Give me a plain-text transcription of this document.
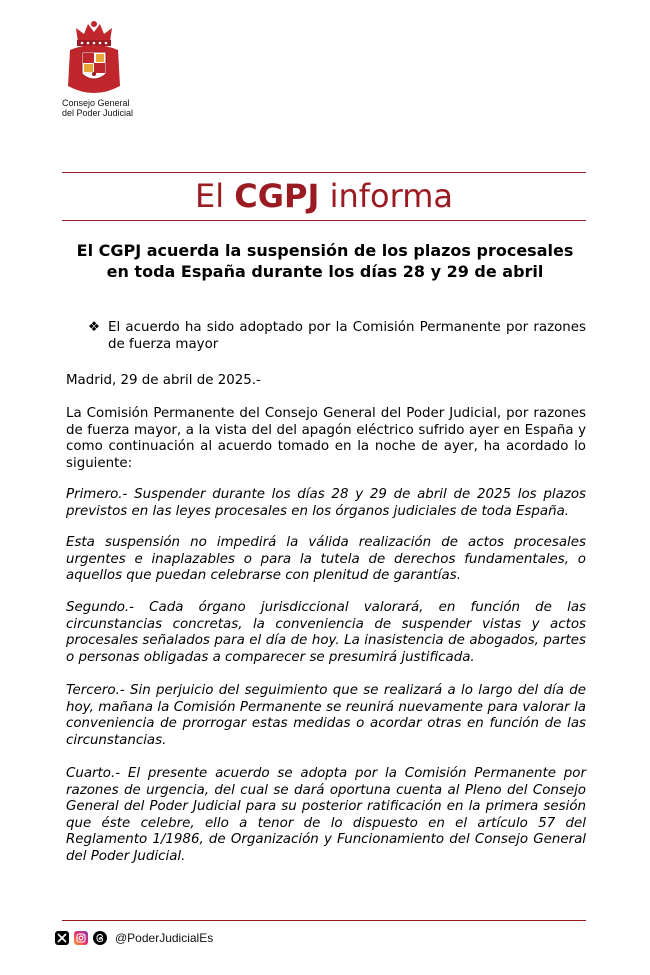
Consejo General
del Poder Judicial
El CGPJ informa
El CGPJ acuerda la suspensión de los plazos procesales en toda España durante los días 28 y 29 de abril
❖ El acuerdo ha sido adoptado por la Comisión Permanente por razones de fuerza mayor
Madrid, 29 de abril de 2025.-
La Comisión Permanente del Consejo General del Poder Judicial, por razones de fuerza mayor, a la vista del del apagón eléctrico sufrido ayer en España y como continuación al acuerdo tomado en la noche de ayer, ha acordado lo siguiente:
Primero.- Suspender durante los días 28 y 29 de abril de 2025 los plazos previstos en las leyes procesales en los órganos judiciales de toda España.
Esta suspensión no impedirá la válida realización de actos procesales urgentes e inaplazables o para la tutela de derechos fundamentales, o aquellos que puedan celebrarse con plenitud de garantías.
Segundo.- Cada órgano jurisdiccional valorará, en función de las circunstancias concretas, la conveniencia de suspender vistas y actos procesales señalados para el día de hoy. La inasistencia de abogados, partes o personas obligadas a comparecer se presumirá justificada.
Tercero.- Sin perjuicio del seguimiento que se realizará a lo largo del día de hoy, mañana la Comisión Permanente se reunirá nuevamente para valorar la conveniencia de prorrogar estas medidas o acordar otras en función de las circunstancias.
Cuarto.- El presente acuerdo se adopta por la Comisión Permanente por razones de urgencia, del cual se dará oportuna cuenta al Pleno del Consejo General del Poder Judicial para su posterior ratificación en la primera sesión que éste celebre, ello a tenor de lo dispuesto en el artículo 57 del Reglamento 1/1986, de Organización y Funcionamiento del Consejo General del Poder Judicial.
@PoderJudicialEs
